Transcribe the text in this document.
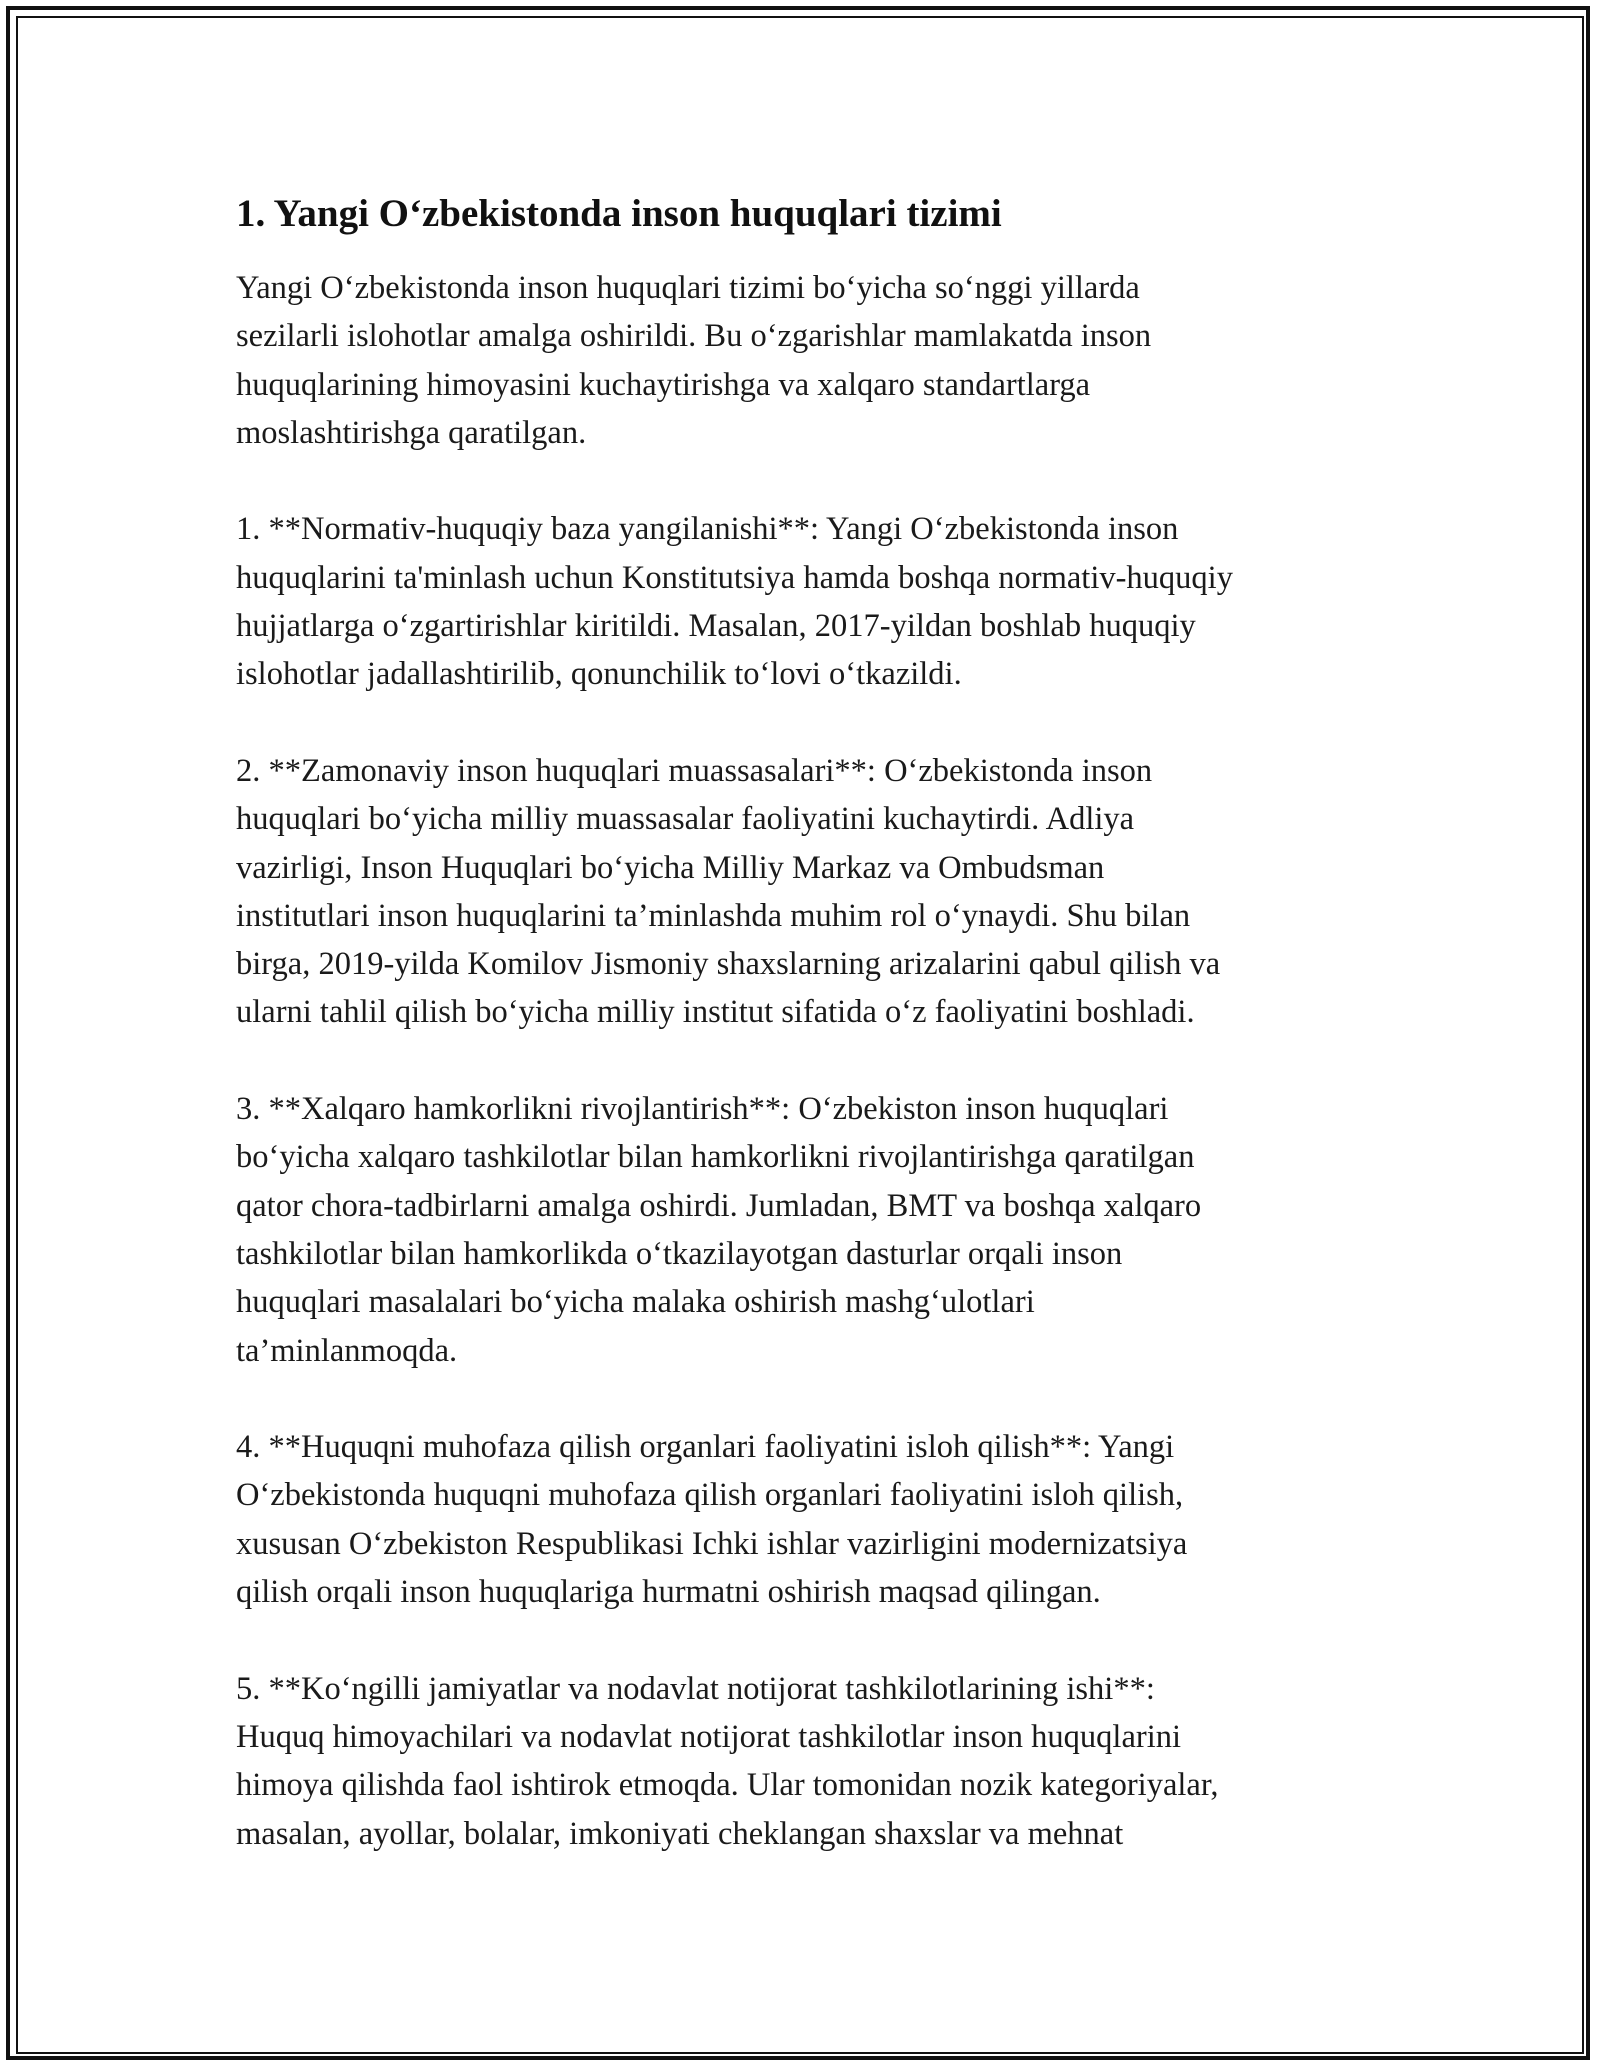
1. Yangi O‘zbekistonda inson huquqlari tizimi

Yangi O‘zbekistonda inson huquqlari tizimi bo‘yicha so‘nggi yillarda
sezilarli islohotlar amalga oshirildi. Bu o‘zgarishlar mamlakatda inson
huquqlarining himoyasini kuchaytirishga va xalqaro standartlarga
moslashtirishga qaratilgan.

1. **Normativ-huquqiy baza yangilanishi**: Yangi O‘zbekistonda inson
huquqlarini ta'minlash uchun Konstitutsiya hamda boshqa normativ-huquqiy
hujjatlarga o‘zgartirishlar kiritildi. Masalan, 2017-yildan boshlab huquqiy
islohotlar jadallashtirilib, qonunchilik to‘lovi o‘tkazildi.

2. **Zamonaviy inson huquqlari muassasalari**: O‘zbekistonda inson
huquqlari bo‘yicha milliy muassasalar faoliyatini kuchaytirdi. Adliya
vazirligi, Inson Huquqlari bo‘yicha Milliy Markaz va Ombudsman
institutlari inson huquqlarini ta’minlashda muhim rol o‘ynaydi. Shu bilan
birga, 2019-yilda Komilov Jismoniy shaxslarning arizalarini qabul qilish va
ularni tahlil qilish bo‘yicha milliy institut sifatida o‘z faoliyatini boshladi.

3. **Xalqaro hamkorlikni rivojlantirish**: O‘zbekiston inson huquqlari
bo‘yicha xalqaro tashkilotlar bilan hamkorlikni rivojlantirishga qaratilgan
qator chora-tadbirlarni amalga oshirdi. Jumladan, BMT va boshqa xalqaro
tashkilotlar bilan hamkorlikda o‘tkazilayotgan dasturlar orqali inson
huquqlari masalalari bo‘yicha malaka oshirish mashg‘ulotlari
ta’minlanmoqda.

4. **Huquqni muhofaza qilish organlari faoliyatini isloh qilish**: Yangi
O‘zbekistonda huquqni muhofaza qilish organlari faoliyatini isloh qilish,
xususan O‘zbekiston Respublikasi Ichki ishlar vazirligini modernizatsiya
qilish orqali inson huquqlariga hurmatni oshirish maqsad qilingan.

5. **Ko‘ngilli jamiyatlar va nodavlat notijorat tashkilotlarining ishi**:
Huquq himoyachilari va nodavlat notijorat tashkilotlar inson huquqlarini
himoya qilishda faol ishtirok etmoqda. Ular tomonidan nozik kategoriyalar,
masalan, ayollar, bolalar, imkoniyati cheklangan shaxslar va mehnat
